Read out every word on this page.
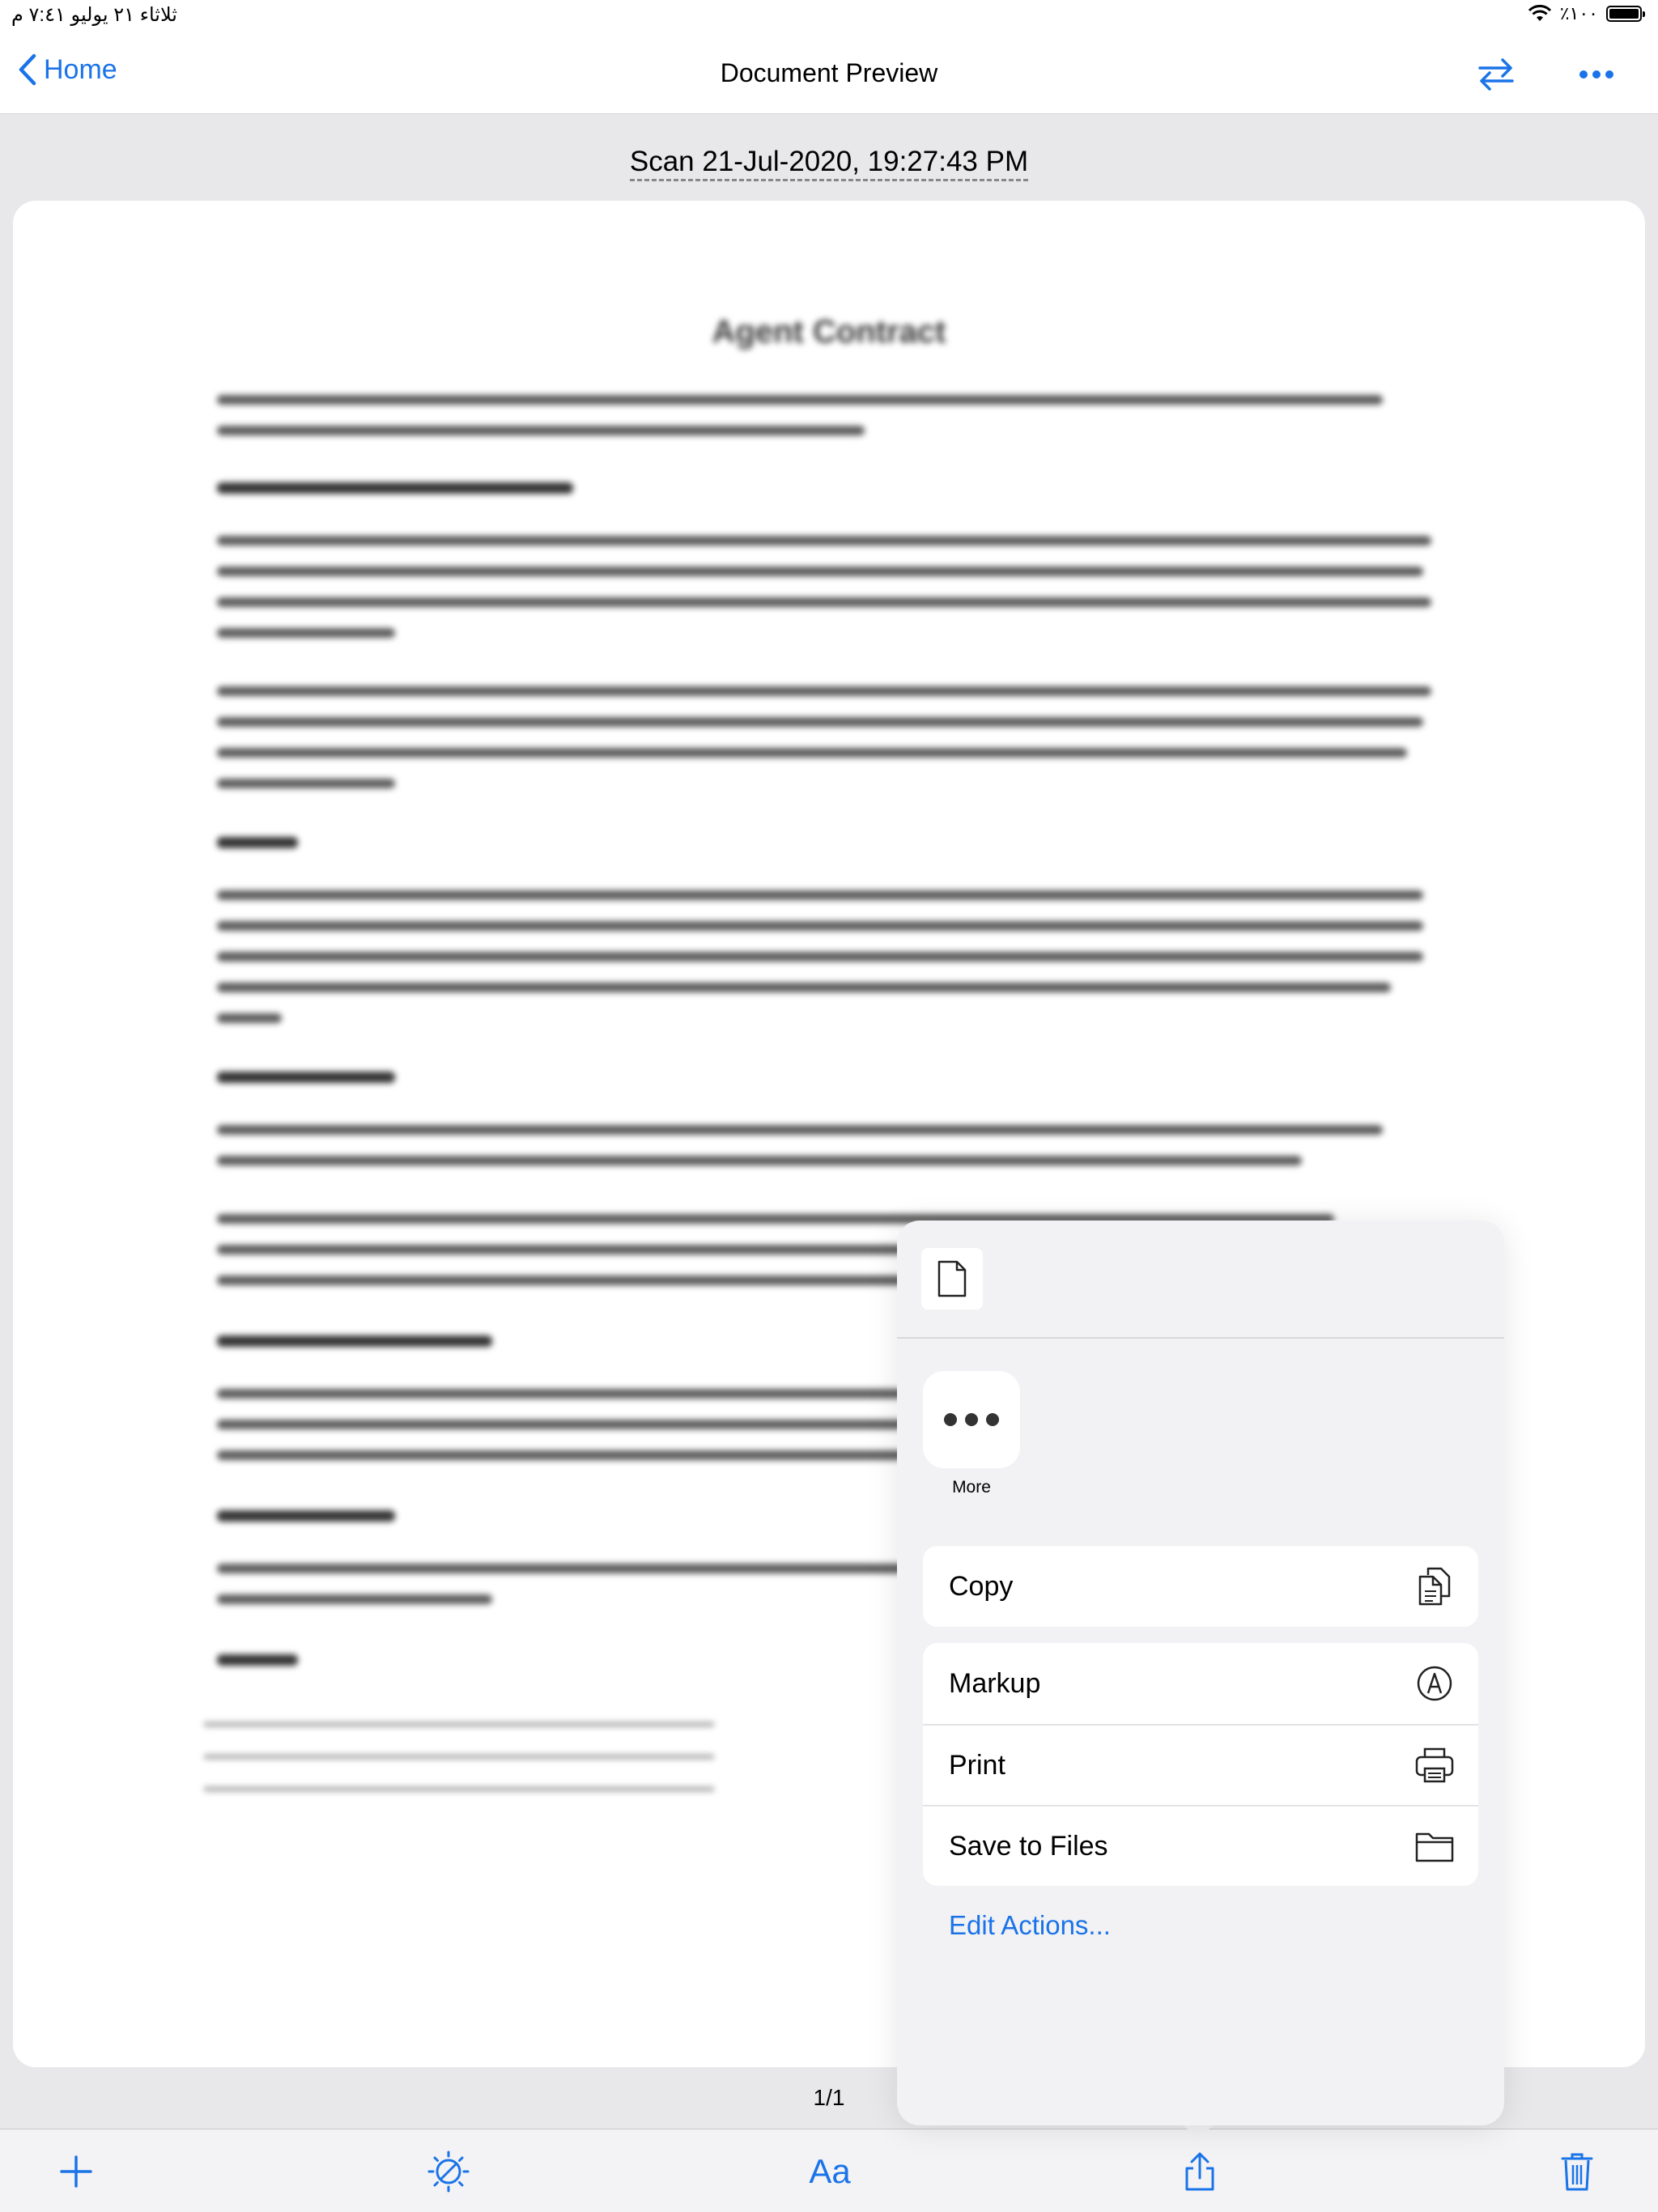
ثلاثاء ٢١ يوليو ٧:٤١ م	٪١٠٠
Home	Document Preview
Scan 21-Jul-2020, 19:27:43 PM
Agent Contract
1/1
Aa
More
Copy
Markup
Print
Save to Files
Edit Actions...
